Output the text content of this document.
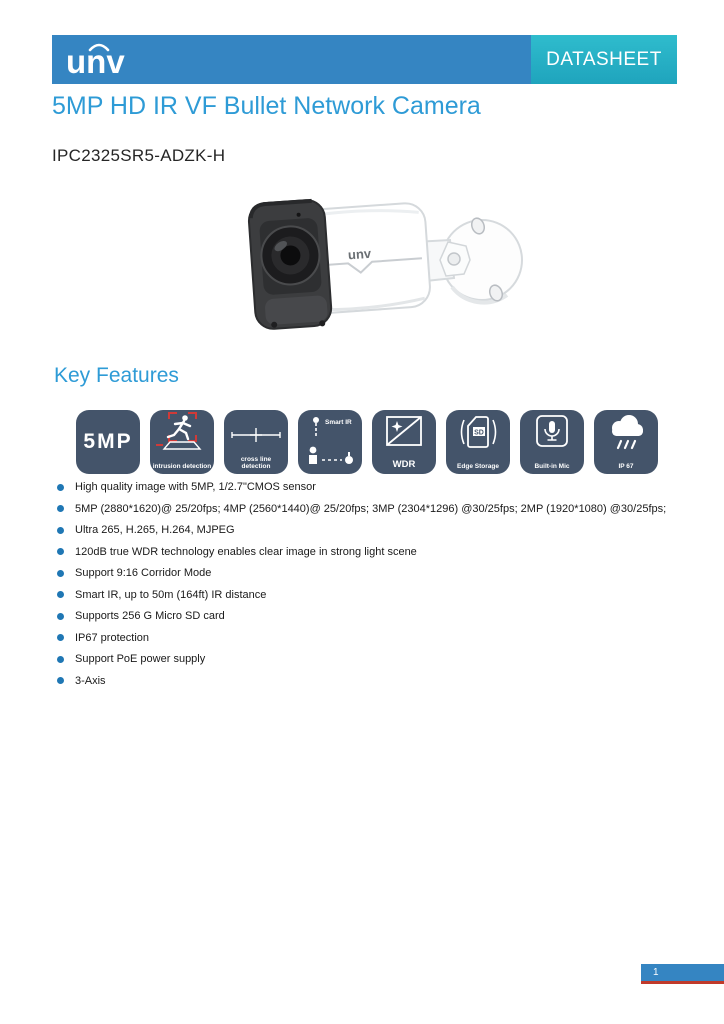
unv	DATASHEET
5MP HD IR VF Bullet Network Camera
IPC2325SR5-ADZK-H
unv
Key Features
5MP
intrusion detection
cross line detection
Smart IR
WDR
SD
Edge Storage	Built-in Mic	IP 67
High quality image with 5MP, 1/2.7"CMOS sensor
5MP (2880*1620)@ 25/20fps; 4MP (2560*1440)@ 25/20fps; 3MP (2304*1296) @30/25fps; 2MP (1920*1080) @30/25fps;
Ultra 265, H.265, H.264, MJPEG
120dB true WDR technology enables clear image in strong light scene
Support 9:16 Corridor Mode
Smart IR, up to 50m (164ft) IR distance
Supports 256 G Micro SD card
IP67 protection
Support PoE power supply
3-Axis
1
